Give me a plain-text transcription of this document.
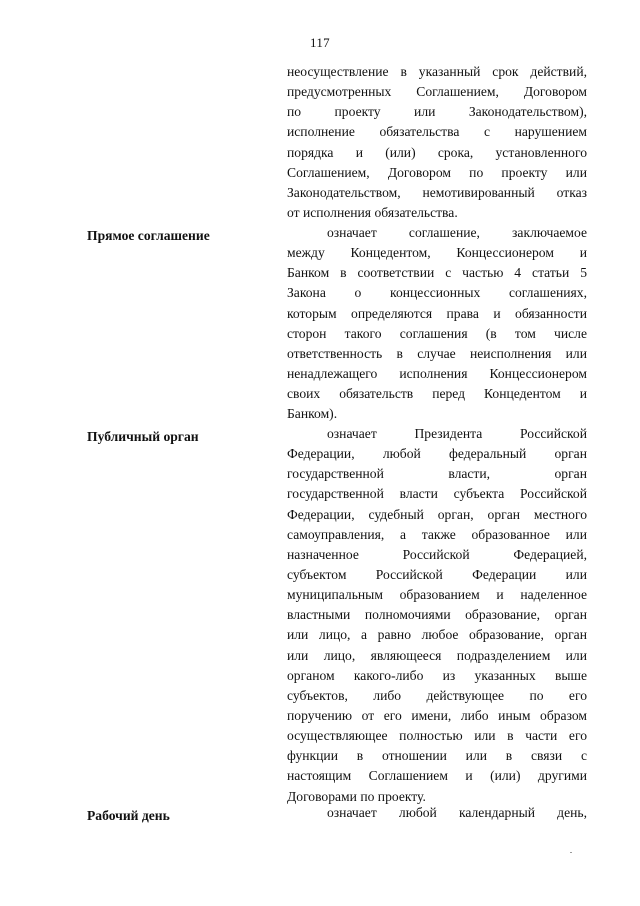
117
неосуществление в указанный срок действий,
предусмотренных Соглашением, Договором
по проекту или Законодательством),
исполнение обязательства с нарушением
порядка и (или) срока, установленного
Соглашением, Договором по проекту или
Законодательством, немотивированный отказ
от исполнения обязательства.
Прямое соглашение	означает соглашение, заключаемое
между Концедентом, Концессионером и
Банком в соответствии с частью 4 статьи 5
Закона о концессионных соглашениях,
которым определяются права и обязанности
сторон такого соглашения (в том числе
ответственность в случае неисполнения или
ненадлежащего исполнения Концессионером
своих обязательств перед Концедентом и
Банком).
Публичный орган	означает Президента Российской
Федерации, любой федеральный орган
государственной власти, орган
государственной власти субъекта Российской
Федерации, судебный орган, орган местного
самоуправления, а также образованное или
назначенное Российской Федерацией,
субъектом Российской Федерации или
муниципальным образованием и наделенное
властными полномочиями образование, орган
или лицо, а равно любое образование, орган
или лицо, являющееся подразделением или
органом какого-либо из указанных выше
субъектов, либо действующее по его
поручению от его имени, либо иным образом
осуществляющее полностью или в части его
функции в отношении или в связи с
настоящим Соглашением и (или) другими
Договорами по проекту.
Рабочий день	означает любой календарный день,
